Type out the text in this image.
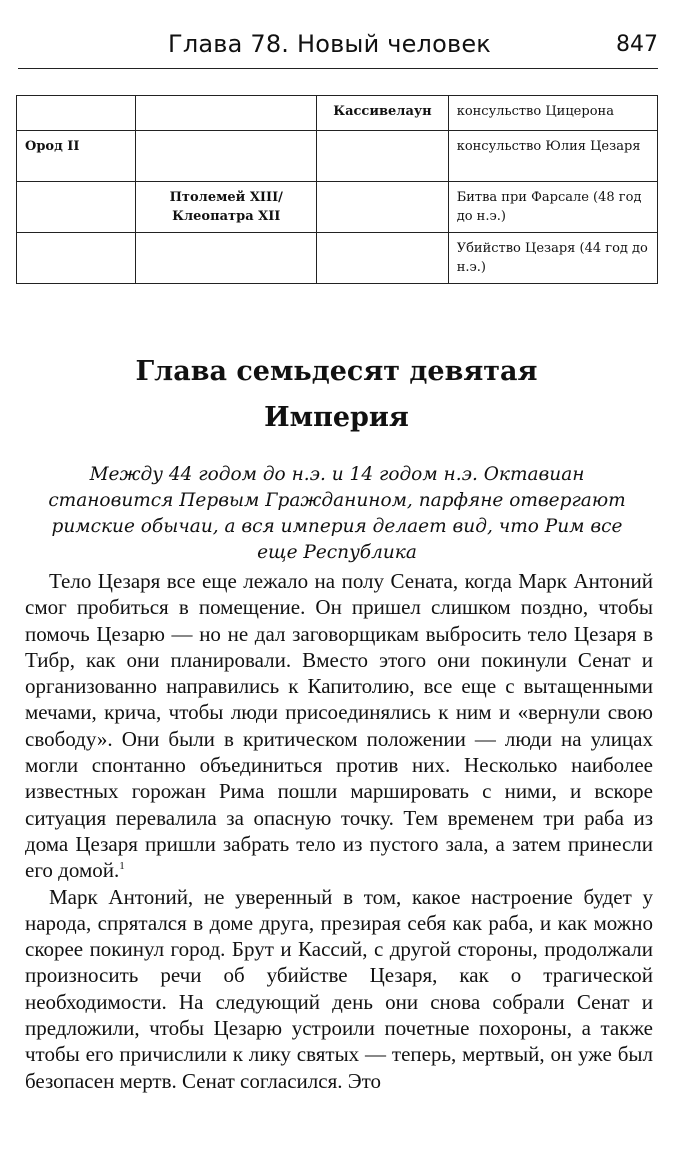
Глава 78. Новый человек	847
		Кассивелаун	консульство Цицерона
Ород II			консульство Юлия Цезаря
	Птолемей XIII/ Клеопатра XII		Битва при Фарсале (48 год до н.э.)
			Убийство Цезаря (44 год до н.э.)
Глава семьдесят девятая
Империя
Между 44 годом до н.э. и 14 годом н.э. Октавиан становится Первым Гражданином, парфяне отвергают римские обычаи, а вся империя делает вид, что Рим все еще Республика

Тело Цезаря все еще лежало на полу Сената, когда Марк Антоний смог пробиться в помещение. Он пришел слишком поздно, чтобы помочь Цезарю — но не дал заговорщикам выбросить тело Цезаря в Тибр, как они планировали. Вместо этого они покинули Сенат и организованно направились к Капитолию, все еще с вытащенными мечами, крича, чтобы люди присоединялись к ним и «вернули свою свободу». Они были в критическом положении — люди на улицах могли спонтанно объединиться против них. Несколько наиболее известных горожан Рима пошли маршировать с ними, и вскоре ситуация перевалила за опасную точку. Тем временем три раба из дома Цезаря пришли забрать тело из пустого зала, а затем принесли его домой.$^1$

Марк Антоний, не уверенный в том, какое настроение будет у народа, спрятался в доме друга, презирая себя как раба, и как можно скорее покинул город. Брут и Кассий, с другой стороны, продолжали произносить речи об убийстве Цезаря, как о трагической необходимости. На следующий день они снова собрали Сенат и предложили, чтобы Цезарю устроили почетные похороны, а также чтобы его причислили к лику святых — теперь, мертвый, он уже был безопасен мертв. Сенат согласился. Это
